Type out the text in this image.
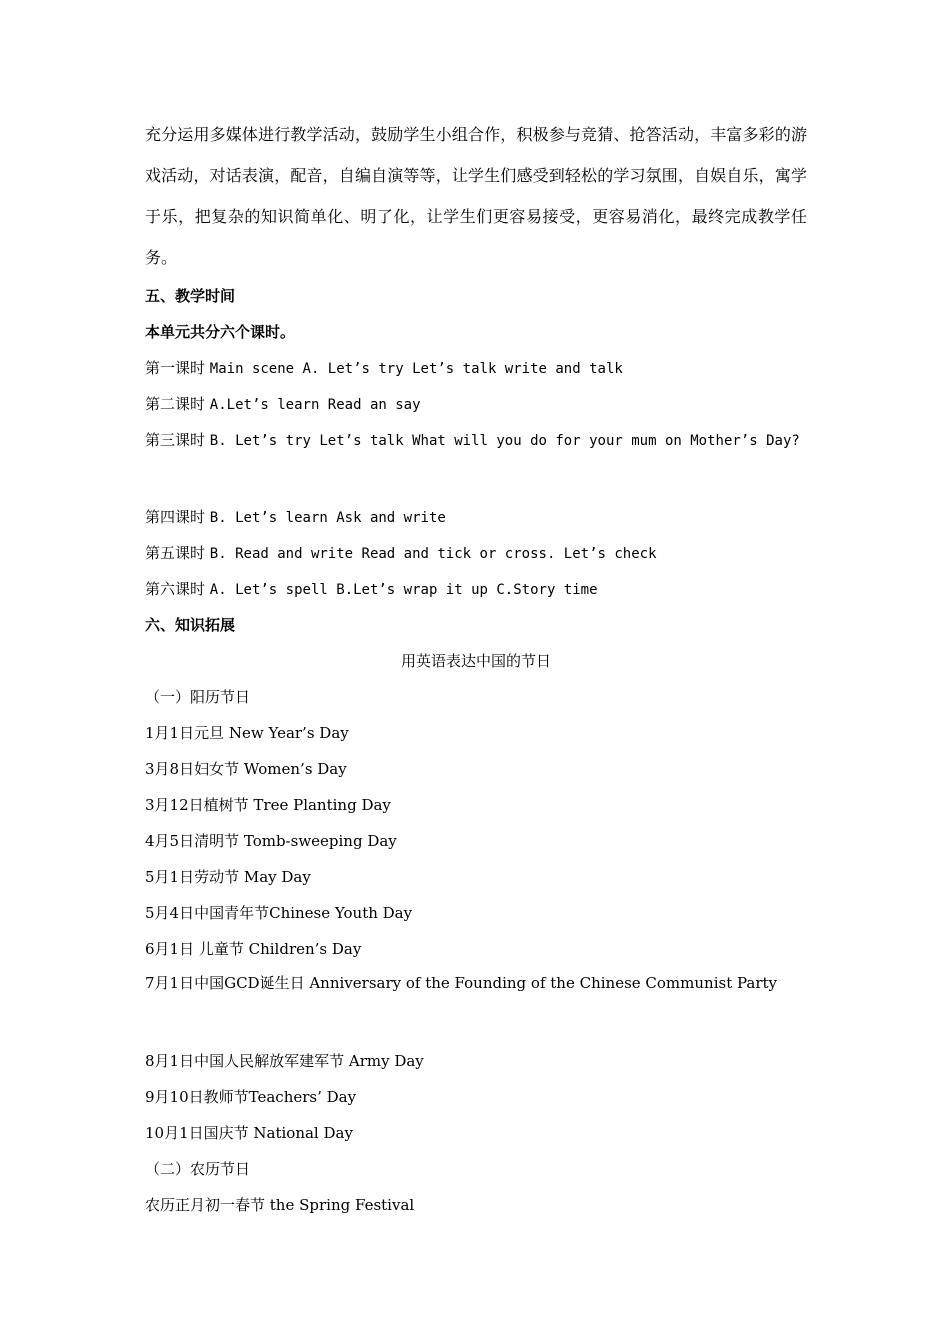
充分运用多媒体进行教学活动，鼓励学生小组合作，积极参与竞猜、抢答活动，丰富多彩的游戏活动，对话表演，配音，自编自演等等，让学生们感受到轻松的学习氛围，自娱自乐，寓学于乐，把复杂的知识简单化、明了化，让学生们更容易接受，更容易消化，最终完成教学任务。

五、教学时间
本单元共分六个课时。
第一课时 Main scene A. Let’s try Let’s talk write and talk
第二课时 A.Let’s learn Read an say
第三课时 B. Let’s try Let’s talk What will you do for your mum on Mother’s Day?
第四课时 B. Let’s learn Ask and write
第五课时 B. Read and write Read and tick or cross. Let’s check
第六课时 A. Let’s spell B.Let’s wrap it up C.Story time
六、知识拓展
用英语表达中国的节日
（一）阳历节日
1月1日元旦 New Year’s Day
3月8日妇女节 Women’s Day
3月12日植树节 Tree Planting Day
4月5日清明节 Tomb-sweeping Day
5月1日劳动节 May Day
5月4日中国青年节Chinese Youth Day
6月1日 儿童节 Children’s Day
7月1日中国GCD诞生日 Anniversary of the Founding of the Chinese Communist Party
8月1日中国人民解放军建军节 Army Day
9月10日教师节Teachers’ Day
10月1日国庆节 National Day
（二）农历节日
农历正月初一春节 the Spring Festival
